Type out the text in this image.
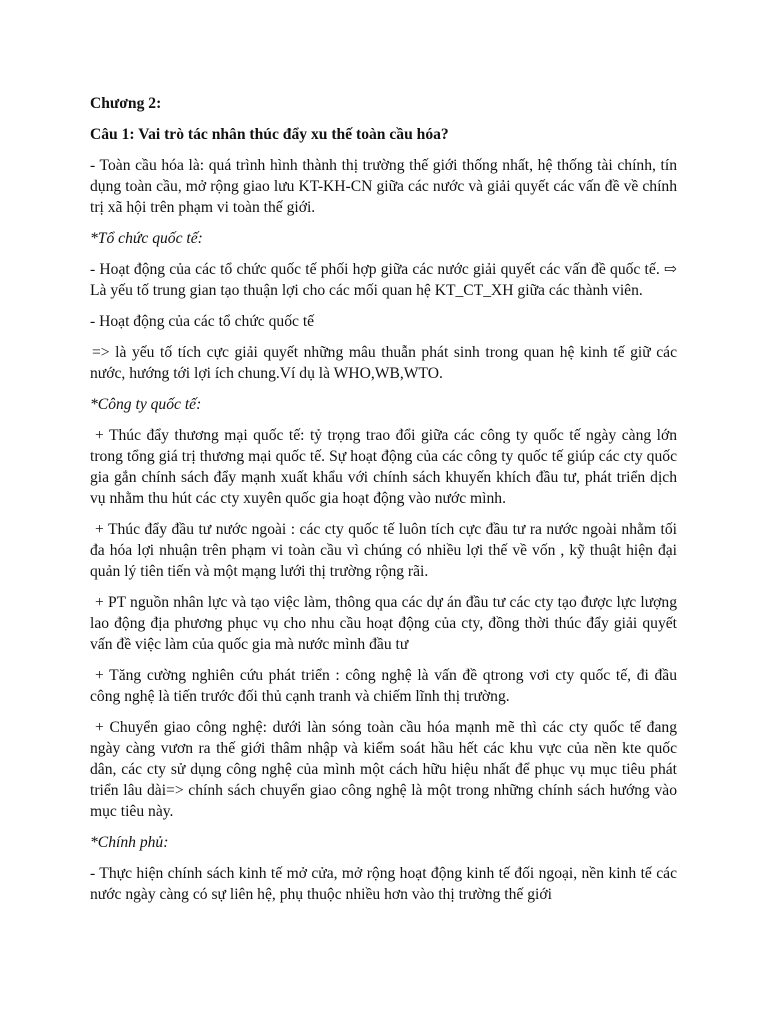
Chương 2:

Câu 1: Vai trò tác nhân thúc đẩy xu thế toàn cầu hóa?

- Toàn cầu hóa là: quá trình hình thành thị trường thế giới thống nhất, hệ thống tài chính, tín dụng toàn cầu, mở rộng giao lưu KT-KH-CN giữa các nước và giải quyết các vấn đề về chính trị xã hội trên phạm vi toàn thế giới.

*Tổ chức quốc tế:

- Hoạt động của các tổ chức quốc tế phối hợp giữa các nước giải quyết các vấn đề quốc tế. ⇨ Là yếu tố trung gian tạo thuận lợi cho các mối quan hệ KT_CT_XH giữa các thành viên.

- Hoạt động của các tổ chức quốc tế

=> là yếu tố tích cực giải quyết những mâu thuẫn phát sinh trong quan hệ kinh tế giữ các nước, hướng tới lợi ích chung.Ví dụ là WHO,WB,WTO.

*Công ty quốc tế:

+ Thúc đẩy thương mại quốc tế: tỷ trọng trao đổi giữa các công ty quốc tế ngày càng lớn trong tổng giá trị thương mại quốc tế. Sự hoạt động của các công ty quốc tế giúp các cty quốc gia gắn chính sách đẩy mạnh xuất khẩu với chính sách khuyến khích đầu tư, phát triển dịch vụ nhằm thu hút các cty xuyên quốc gia hoạt động vào nước mình.

+ Thúc đẩy đầu tư nước ngoài : các cty quốc tế luôn tích cực đầu tư ra nước ngoài nhằm tối đa hóa lợi nhuận trên phạm vi toàn cầu vì chúng có nhiều lợi thế về vốn , kỹ thuật hiện đại quản lý tiên tiến và một mạng lưới thị trường rộng rãi.

+ PT nguồn nhân lực và tạo việc làm, thông qua các dự án đầu tư các cty tạo được lực lượng lao động địa phương phục vụ cho nhu cầu hoạt động của cty, đồng thời thúc đẩy giải quyết vấn đề việc làm của quốc gia mà nước mình đầu tư

+ Tăng cường nghiên cứu phát triển : công nghệ là vấn đề qtrong vơi cty quốc tế, đi đầu công nghệ là tiến trước đối thủ cạnh tranh và chiếm lĩnh thị trường.

+ Chuyển giao công nghệ: dưới làn sóng toàn cầu hóa mạnh mẽ thì các cty quốc tế đang ngày càng vươn ra thế giới thâm nhập và kiểm soát hầu hết các khu vực của nền kte quốc dân, các cty sử dụng công nghệ của mình một cách hữu hiệu nhất để phục vụ mục tiêu phát triển lâu dài=> chính sách chuyển giao công nghệ là một trong những chính sách hướng vào mục tiêu này.

*Chính phủ:

- Thực hiện chính sách kinh tế mở cửa, mở rộng hoạt động kinh tế đối ngoại, nền kinh tế các nước ngày càng có sự liên hệ, phụ thuộc nhiều hơn vào thị trường thế giới
